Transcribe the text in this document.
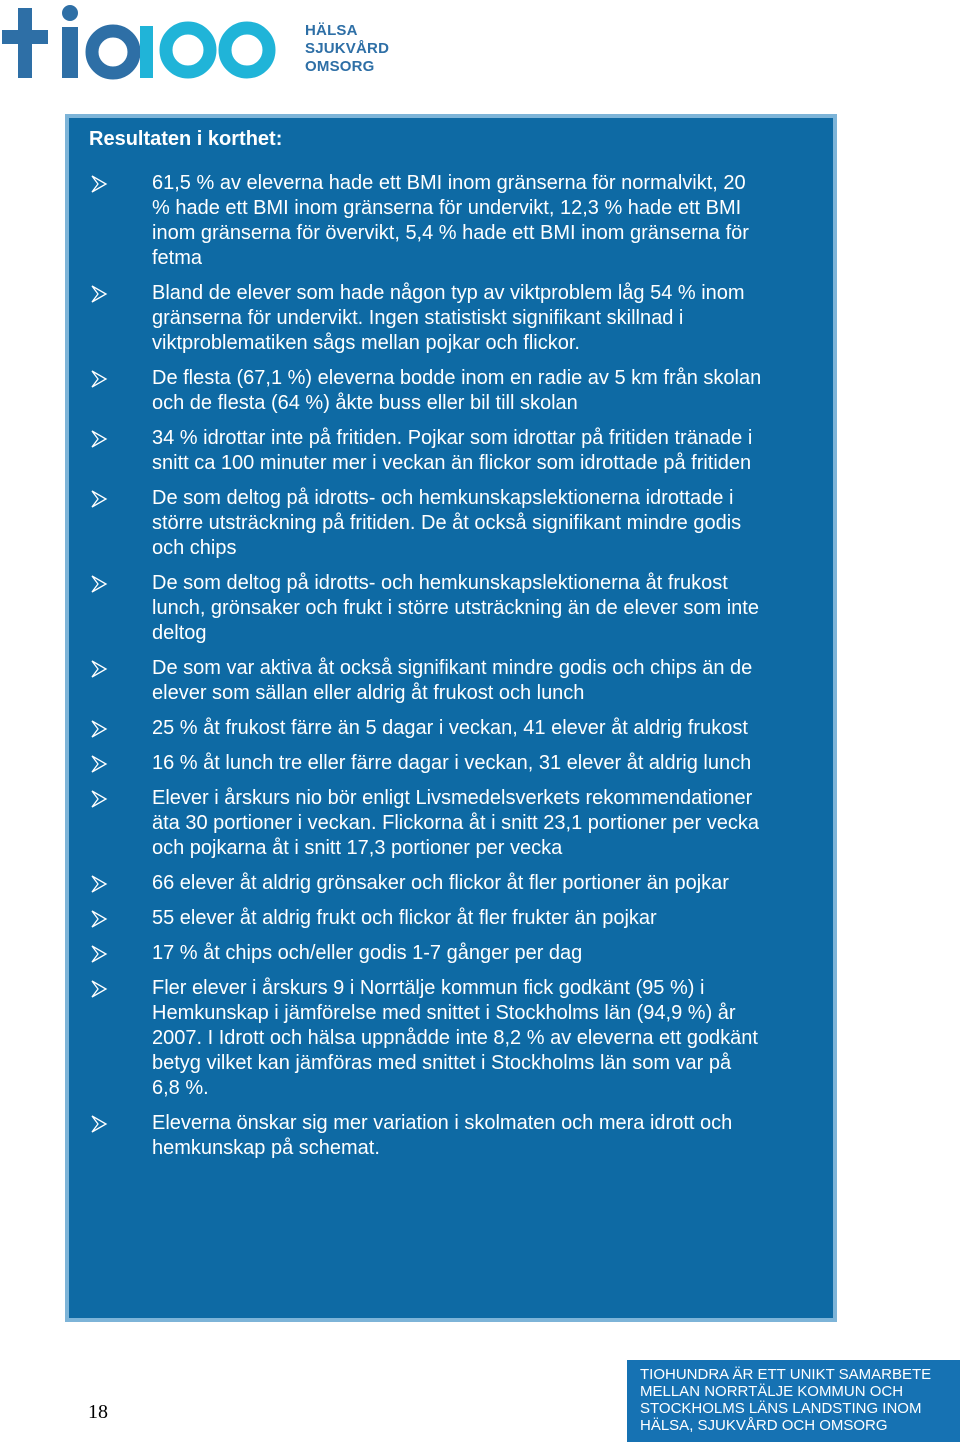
HÄLSA
SJUKVÅRD
OMSORG
Resultaten i korthet:
61,5 % av eleverna hade ett BMI inom gränserna för normalvikt, 20 % hade ett BMI inom gränserna för undervikt, 12,3 % hade ett BMI inom gränserna för övervikt, 5,4 % hade ett BMI inom gränserna för fetma
Bland de elever som hade någon typ av viktproblem låg 54 % inom gränserna för undervikt. Ingen statistiskt signifikant skillnad i viktproblematiken sågs mellan pojkar och flickor.
De flesta (67,1 %) eleverna bodde inom en radie av 5 km från skolan och de flesta (64 %) åkte buss eller bil till skolan
34 % idrottar inte på fritiden. Pojkar som idrottar på fritiden tränade i snitt ca 100 minuter mer i veckan än flickor som idrottade på fritiden
De som deltog på idrotts- och hemkunskapslektionerna idrottade i större utsträckning på fritiden. De åt också signifikant mindre godis och chips
De som deltog på idrotts- och hemkunskapslektionerna åt frukost lunch, grönsaker och frukt i större utsträckning än de elever som inte deltog
De som var aktiva åt också signifikant mindre godis och chips än de elever som sällan eller aldrig åt frukost och lunch
25 % åt frukost färre än 5 dagar i veckan, 41 elever åt aldrig frukost
16 % åt lunch tre eller färre dagar i veckan, 31 elever åt aldrig lunch
Elever i årskurs nio bör enligt Livsmedelsverkets rekommendationer äta 30 portioner i veckan. Flickorna åt i snitt 23,1 portioner per vecka och pojkarna åt i snitt 17,3 portioner per vecka
66 elever åt aldrig grönsaker och flickor åt fler portioner än pojkar
55 elever åt aldrig frukt och flickor åt fler frukter än pojkar
17 % åt chips och/eller godis 1-7 gånger per dag
Fler elever i årskurs 9 i Norrtälje kommun fick godkänt (95 %) i Hemkunskap i jämförelse med snittet i Stockholms län (94,9 %) år 2007. I Idrott och hälsa uppnådde inte 8,2 % av eleverna ett godkänt betyg vilket kan jämföras med snittet i Stockholms län som var på 6,8 %.
Eleverna önskar sig mer variation i skolmaten och mera idrott och hemkunskap på schemat.
18
TIOHUNDRA ÄR ETT UNIKT SAMARBETE
MELLAN NORRTÄLJE KOMMUN OCH
STOCKHOLMS LÄNS LANDSTING INOM
HÄLSA, SJUKVÅRD OCH OMSORG
